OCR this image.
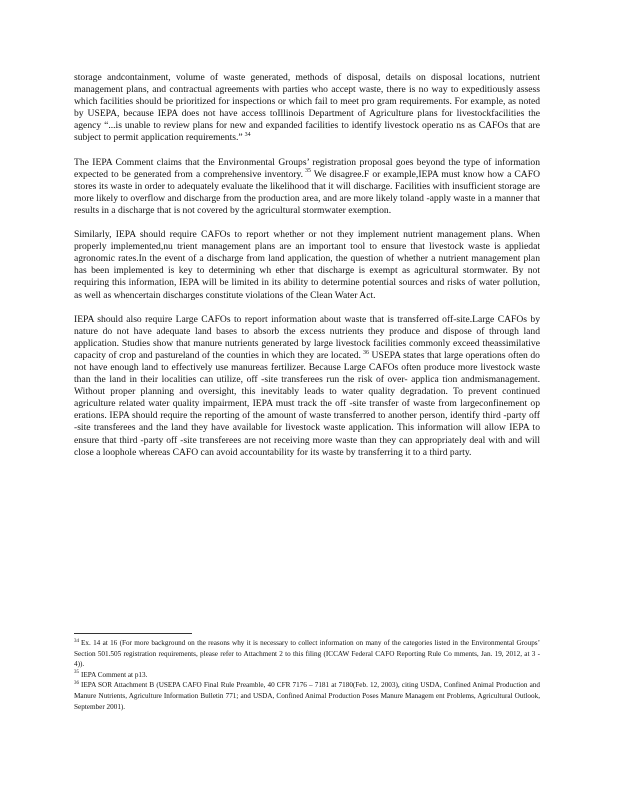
storage andcontainment, volume of waste generated, methods of disposal, details on disposal locations, nutrient management plans, and contractual agreements with parties who accept waste, there is no way to expeditiously assess which facilities should be prioritized for inspections or which fail to meet pro gram requirements. For example, as noted by USEPA, because IEPA does not have access toIllinois Department of Agriculture plans for livestockfacilities the agency “...is unable to review plans for new and expanded facilities to identify livestock operatio ns as CAFOs that are subject to permit application requirements.” $^{34}$

The IEPA Comment claims that the Environmental Groups’ registration proposal goes beyond the type of information expected to be generated from a comprehensive inventory. $^{35}$ We disagree.F or example,IEPA must know how a CAFO stores its waste in order to adequately evaluate the likelihood that it will discharge. Facilities with insufficient storage are more likely to overflow and discharge from the production area, and are more likely toland -apply waste in a manner that results in a discharge that is not covered by the agricultural stormwater exemption.

Similarly, IEPA should require CAFOs to report whether or not they implement nutrient management plans. When properly implemented,nu trient management plans are an important tool to ensure that livestock waste is appliedat agronomic rates.In the event of a discharge from land application, the question of whether a nutrient management plan has been implemented is key to determining wh ether that discharge is exempt as agricultural stormwater. By not requiring this information, IEPA will be limited in its ability to determine potential sources and risks of water pollution, as well as whencertain discharges constitute violations of the Clean Water Act.

IEPA should also require Large CAFOs to report information about waste that is transferred off-site.Large CAFOs by nature do not have adequate land bases to absorb the excess nutrients they produce and dispose of through land application. Studies show that manure nutrients generated by large livestock facilities commonly exceed theassimilative capacity of crop and pastureland of the counties in which they are located. $^{36}$ USEPA states that large operations often do not have enough land to effectively use manureas fertilizer. Because Large CAFOs often produce more livestock waste than the land in their localities can utilize, off -site transferees run the risk of over- applica tion andmismanagement. Without proper planning and oversight, this inevitably leads to water quality degradation. To prevent continued agriculture related water quality impairment, IEPA must track the off -site transfer of waste from largeconfinement op erations. IEPA should require the reporting of the amount of waste transferred to another person, identify third -party off -site transferees and the land they have available for livestock waste application. This information will allow IEPA to ensure that third -party off -site transferees are not receiving more waste than they can appropriately deal with and will close a loophole whereas CAFO can avoid accountability for its waste by transferring it to a third party.

$^{34}$ Ex. 14 at 16 (For more background on the reasons why it is necessary to collect information on many of the categories listed in the Environmental Groups’ Section 501.505 registration requirements, please refer to Attachment 2 to this filing (ICCAW Federal CAFO Reporting Rule Co mments, Jan. 19, 2012, at 3 - 4)).

$^{35}$ IEPA Comment at p13.

$^{36}$ IEPA SOR Attachment B (USEPA CAFO Final Rule Preamble, 40 CFR 7176 – 7181 at 7180(Feb. 12, 2003), citing USDA, Confined Animal Production and Manure Nutrients, Agriculture Information Bulletin 771; and USDA, Confined Animal Production Poses Manure Managem ent Problems, Agricultural Outlook, September 2001).
